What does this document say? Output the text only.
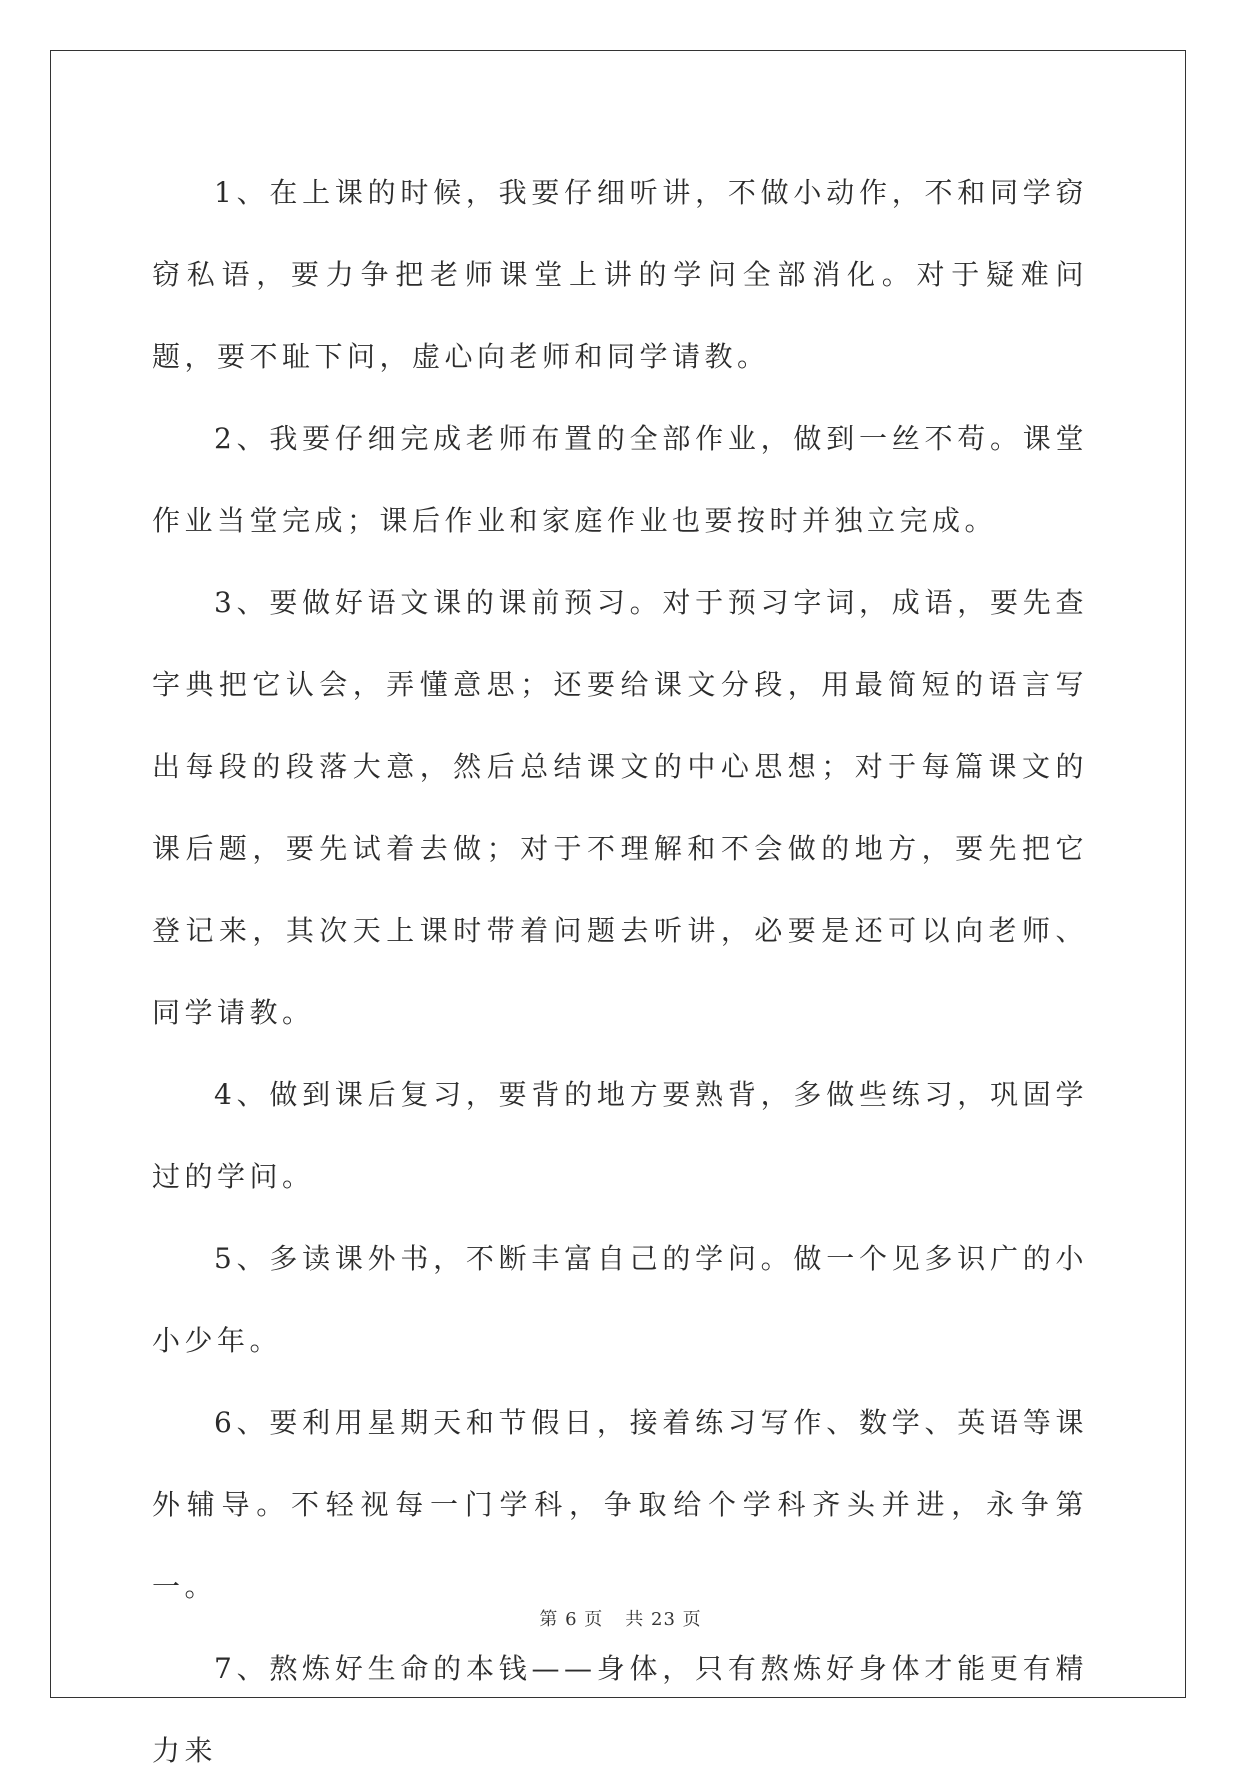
1、在上课的时候，我要仔细听讲，不做小动作，不和同学窃窃私语，要力争把老师课堂上讲的学问全部消化。对于疑难问题，要不耻下问，虚心向老师和同学请教。

2、我要仔细完成老师布置的全部作业，做到一丝不苟。课堂作业当堂完成；课后作业和家庭作业也要按时并独立完成。

3、要做好语文课的课前预习。对于预习字词，成语，要先查字典把它认会，弄懂意思；还要给课文分段，用最简短的语言写出每段的段落大意，然后总结课文的中心思想；对于每篇课文的课后题，要先试着去做；对于不理解和不会做的地方，要先把它登记来，其次天上课时带着问题去听讲，必要是还可以向老师、同学请教。

4、做到课后复习，要背的地方要熟背，多做些练习，巩固学过的学问。

5、多读课外书，不断丰富自己的学问。做一个见多识广的小小少年。

6、要利用星期天和节假日，接着练习写作、数学、英语等课外辅导。不轻视每一门学科，争取给个学科齐头并进，永争第一。

7、熬炼好生命的本钱——身体，只有熬炼好身体才能更有精力来

第 6 页 共 23 页
